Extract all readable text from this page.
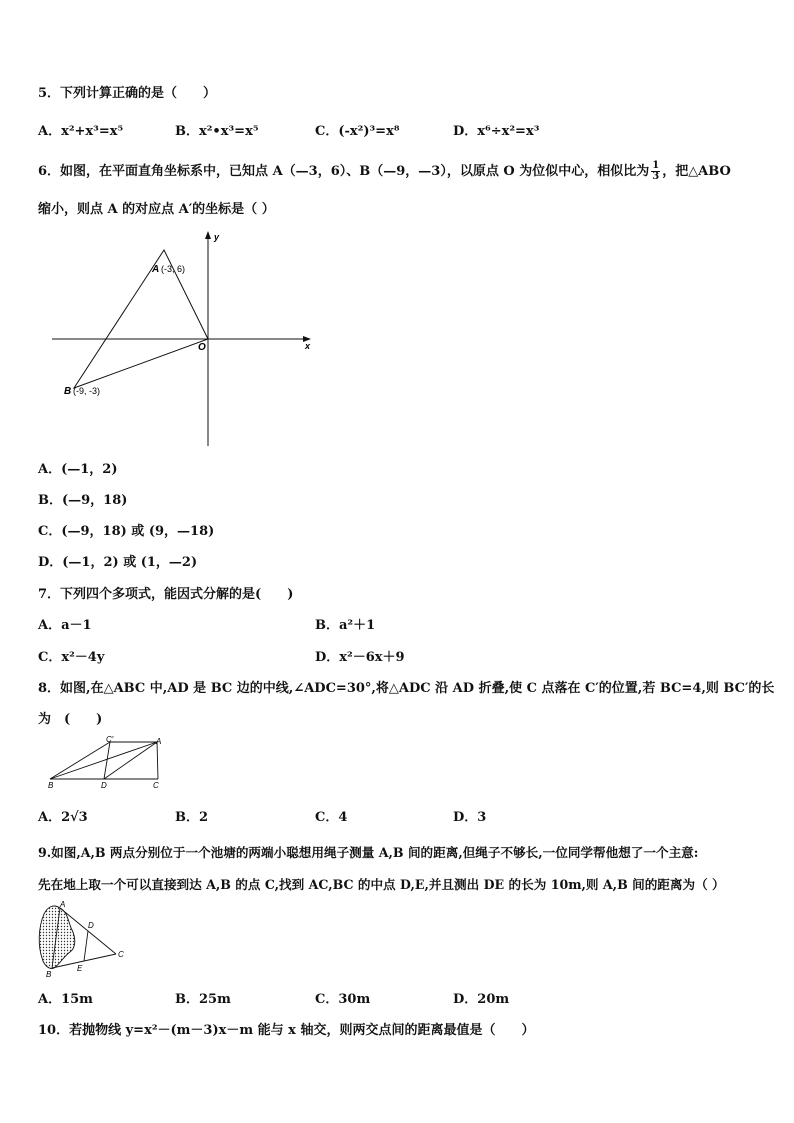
5．下列计算正确的是（　　）
A．x²+x³=x⁵	B．x²•x³=x⁵	C．(-x²)³=x⁸	D．x⁶÷x²=x³
6．如图，在平面直角坐标系中，已知点 A（—3，6）、B（—9，—3），以原点 O 为位似中心，相似比为 $\frac{1}{3}$ ，把△ABO
缩小，则点 A 的对应点 A′的坐标是（ ）
A (-3, 6)
B (-9, -3)
O	x
y
A．(—1，2)
B．(—9，18)
C．(—9，18) 或 (9，—18)
D．(—1，2) 或 (1，—2)
7．下列四个多项式，能因式分解的是(　　)
A．a－1	B．a²＋1
C．x²－4y	D．x²－6x＋9
8．如图,在△ABC 中,AD 是 BC 边的中线,∠ADC=30°,将△ADC 沿 AD 折叠,使 C 点落在 C′的位置,若 BC=4,则 BC′的长
为　(　　)
A
C′
B	D	C
A．2√3	B．2	C．4	D．3
9.如图,A,B 两点分别位于一个池塘的两端小聪想用绳子测量 A,B 间的距离,但绳子不够长,一位同学帮他想了一个主意:
先在地上取一个可以直接到达 A,B 的点 C,找到 AC,BC 的中点 D,E,并且测出 DE 的长为 10m,则 A,B 间的距离为（ ）
A
B
C
D
E
A．15m	B．25m	C．30m	D．20m
10．若抛物线 y=x²－(m－3)x－m 能与 x 轴交，则两交点间的距离最值是（　　）
